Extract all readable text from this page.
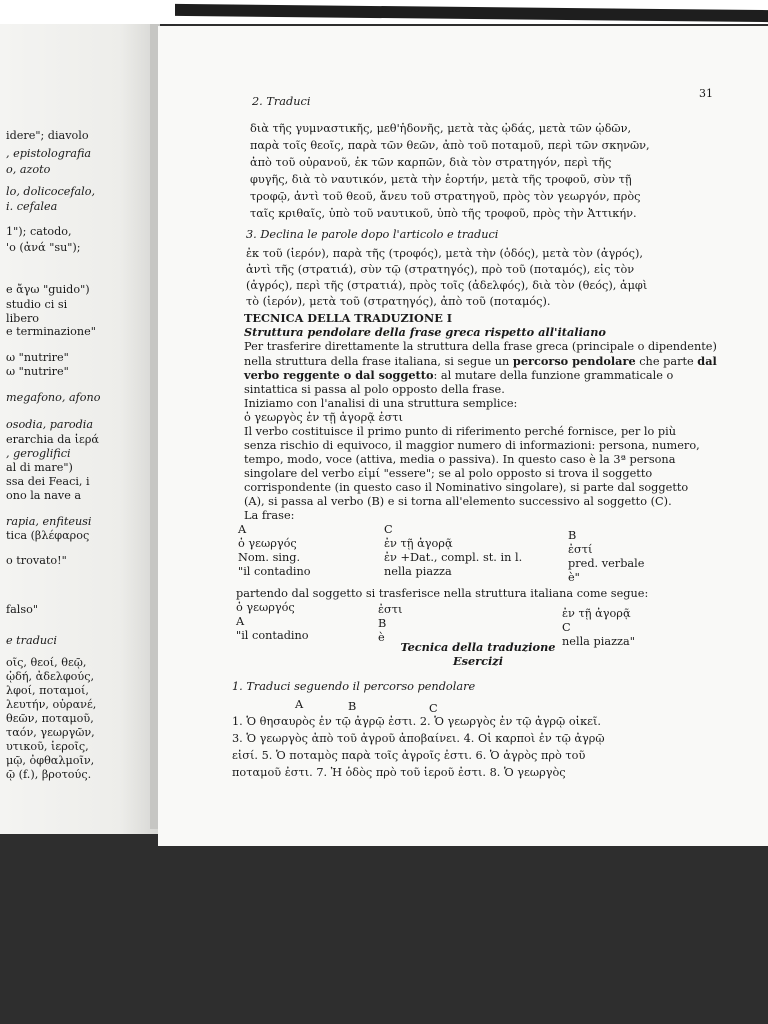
idere"; diavolo
, epistolografia
o, azoto
lo, dolicocefalo,
i. cefalea
1"); catodo,
'o (ἀνά "su");
e ἄγω "guido")
studio ci si
libero
e terminazione"
ω "nutrire"
ω "nutrire"
megafono, afono
osodia, parodia
erarchia da ἱερά
, geroglifici
al di mare")
ssa dei Feaci, i
ono la nave a
rapia, enfiteusi
tica (βλέφαρος
o trovato!"
falso"
e traduci
οῖς, θεοί, θεῷ,
ᾠδή, ἀδελφούς,
λφοί, ποταμοί,
λευτήν, οὐρανέ,
θεῶν, ποταμοῦ,
ταόν, γεωργῶν,
υτικοῦ, ἱεροῖς,
μῷ, ὀφθαλμοῖν,
ῷ (f.), βροτούς.
31
2. Traduci
διὰ τῆς γυμναστικῆς, μεθ'ἡδονῆς, μετὰ τὰς ᾠδάς, μετὰ τῶν ᾠδῶν,
παρὰ τοῖς θεοῖς, παρὰ τῶν θεῶν, ἀπὸ τοῦ ποταμοῦ, περὶ τῶν σκηνῶν,
ἀπὸ τοῦ οὐρανοῦ, ἐκ τῶν καρπῶν, διὰ τὸν στρατηγόν, περὶ τῆς
φυγῆς, διὰ τὸ ναυτικόν, μετὰ τὴν ἑορτήν, μετὰ τῆς τροφοῦ, σὺν τῇ
τροφῷ, ἀντὶ τοῦ θεοῦ, ἄνευ τοῦ στρατηγοῦ, πρὸς τὸν γεωργόν, πρὸς
ταῖς κριθαῖς, ὑπὸ τοῦ ναυτικοῦ, ὑπὸ τῆς τροφοῦ, πρὸς τὴν Ἀττικήν.
3. Declina le parole dopo l'articolo e traduci
ἐκ τοῦ (ἱερόν), παρὰ τῆς (τροφός), μετὰ τὴν (ὁδός), μετὰ τὸν (ἀγρός),
ἀντὶ τῆς (στρατιά), σὺν τῷ (στρατηγός), πρὸ τοῦ (ποταμός), εἰς τὸν
(ἀγρός), περὶ τῆς (στρατιά), πρὸς τοῖς (ἀδελφός), διὰ τὸν (θεός), ἀμφὶ
τὸ (ἱερόν), μετὰ τοῦ (στρατηγός), ἀπὸ τοῦ (ποταμός).
TECNICA DELLA TRADUZIONE I
Struttura pendolare della frase greca rispetto all'italiano
Per trasferire direttamente la struttura della frase greca (principale o dipendente)
nella struttura della frase italiana, si segue un percorso pendolare che parte dal
verbo reggente o dal soggetto: al mutare della funzione grammaticale o
sintattica si passa al polo opposto della frase.
Iniziamo con l'analisi di una struttura semplice:
ὁ γεωργὸς ἐν τῇ ἀγορᾷ ἐστι
Il verbo costituisce il primo punto di riferimento perché fornisce, per lo più
senza rischio di equivoco, il maggior numero di informazioni: persona, numero,
tempo, modo, voce (attiva, media o passiva). In questo caso è la 3ª persona
singolare del verbo εἰμί "essere"; se al polo opposto si trova il soggetto
corrispondente (in questo caso il Nominativo singolare), si parte dal soggetto
(A), si passa al verbo (B) e si torna all'elemento successivo al soggetto (C).
La frase:
A
ὁ γεωργός
Nom. sing.
"il contadino
C
ἐν τῇ ἀγορᾷ
ἐν +Dat., compl. st. in l.
nella piazza
B
ἐστί
pred. verbale
è"
partendo dal soggetto si trasferisce nella struttura italiana come segue:
ὁ γεωργός
A
"il contadino
ἐστι
B
è
ἐν τῇ ἀγορᾷ
C
nella piazza"
Tecnica della traduzione
Esercizi
1. Traduci seguendo il percorso pendolare
A	B	C
1. Ὁ θησαυρὸς ἐν τῷ ἀγρῷ ἐστι. 2. Ὁ γεωργὸς ἐν τῷ ἀγρῷ οἰκεῖ.
3. Ὁ γεωργὸς ἀπὸ τοῦ ἀγροῦ ἀποβαίνει. 4. Οἱ καρποὶ ἐν τῷ ἀγρῷ
εἰσί. 5. Ὁ ποταμὸς παρὰ τοῖς ἀγροῖς ἐστι. 6. Ὁ ἀγρὸς πρὸ τοῦ
ποταμοῦ ἐστι. 7. Ἡ ὁδὸς πρὸ τοῦ ἱεροῦ ἐστι. 8. Ὁ γεωργὸς
